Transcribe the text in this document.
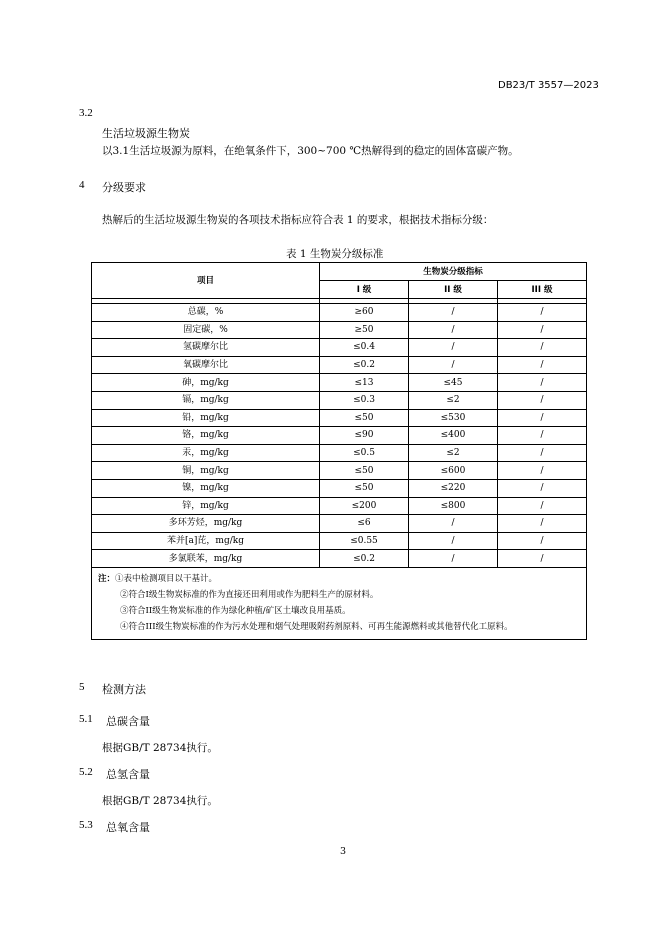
DB23/T 3557—2023
3.2
生活垃圾源生物炭
以3.1生活垃圾源为原料，在绝氧条件下，300~700 ℃热解得到的稳定的固体富碳产物。
4 分级要求
热解后的生活垃圾源生物炭的各项技术指标应符合表 1 的要求，根据技术指标分级：
表 1 生物炭分级标准
项目	生物炭分级指标		
	I 级	II 级	III 级

总碳，%	≥60	/	/
固定碳，%	≥50	/	/
氢碳摩尔比	≤0.4	/	/
氧碳摩尔比	≤0.2	/	/
砷，mg/kg	≤13	≤45	/
镉，mg/kg	≤0.3	≤2	/
铅，mg/kg	≤50	≤530	/
铬，mg/kg	≤90	≤400	/
汞，mg/kg	≤0.5	≤2	/
铜，mg/kg	≤50	≤600	/
镍，mg/kg	≤50	≤220	/
锌，mg/kg	≤200	≤800	/
多环芳烃，mg/kg	≤6	/	/
苯并[a]芘，mg/kg	≤0.55	/	/
多氯联苯，mg/kg	≤0.2	/	/

注：①表中检测项目以干基计。
②符合I级生物炭标准的作为直接还田利用或作为肥料生产的原材料。
③符合II级生物炭标准的作为绿化种植/矿区土壤改良用基质。
④符合III级生物炭标准的作为污水处理和烟气处理吸附药剂原料、可再生能源燃料或其他替代化工原料。			
5 检测方法
5.1 总碳含量
根据GB/T 28734执行。
5.2 总氢含量
根据GB/T 28734执行。
5.3 总氧含量
3
